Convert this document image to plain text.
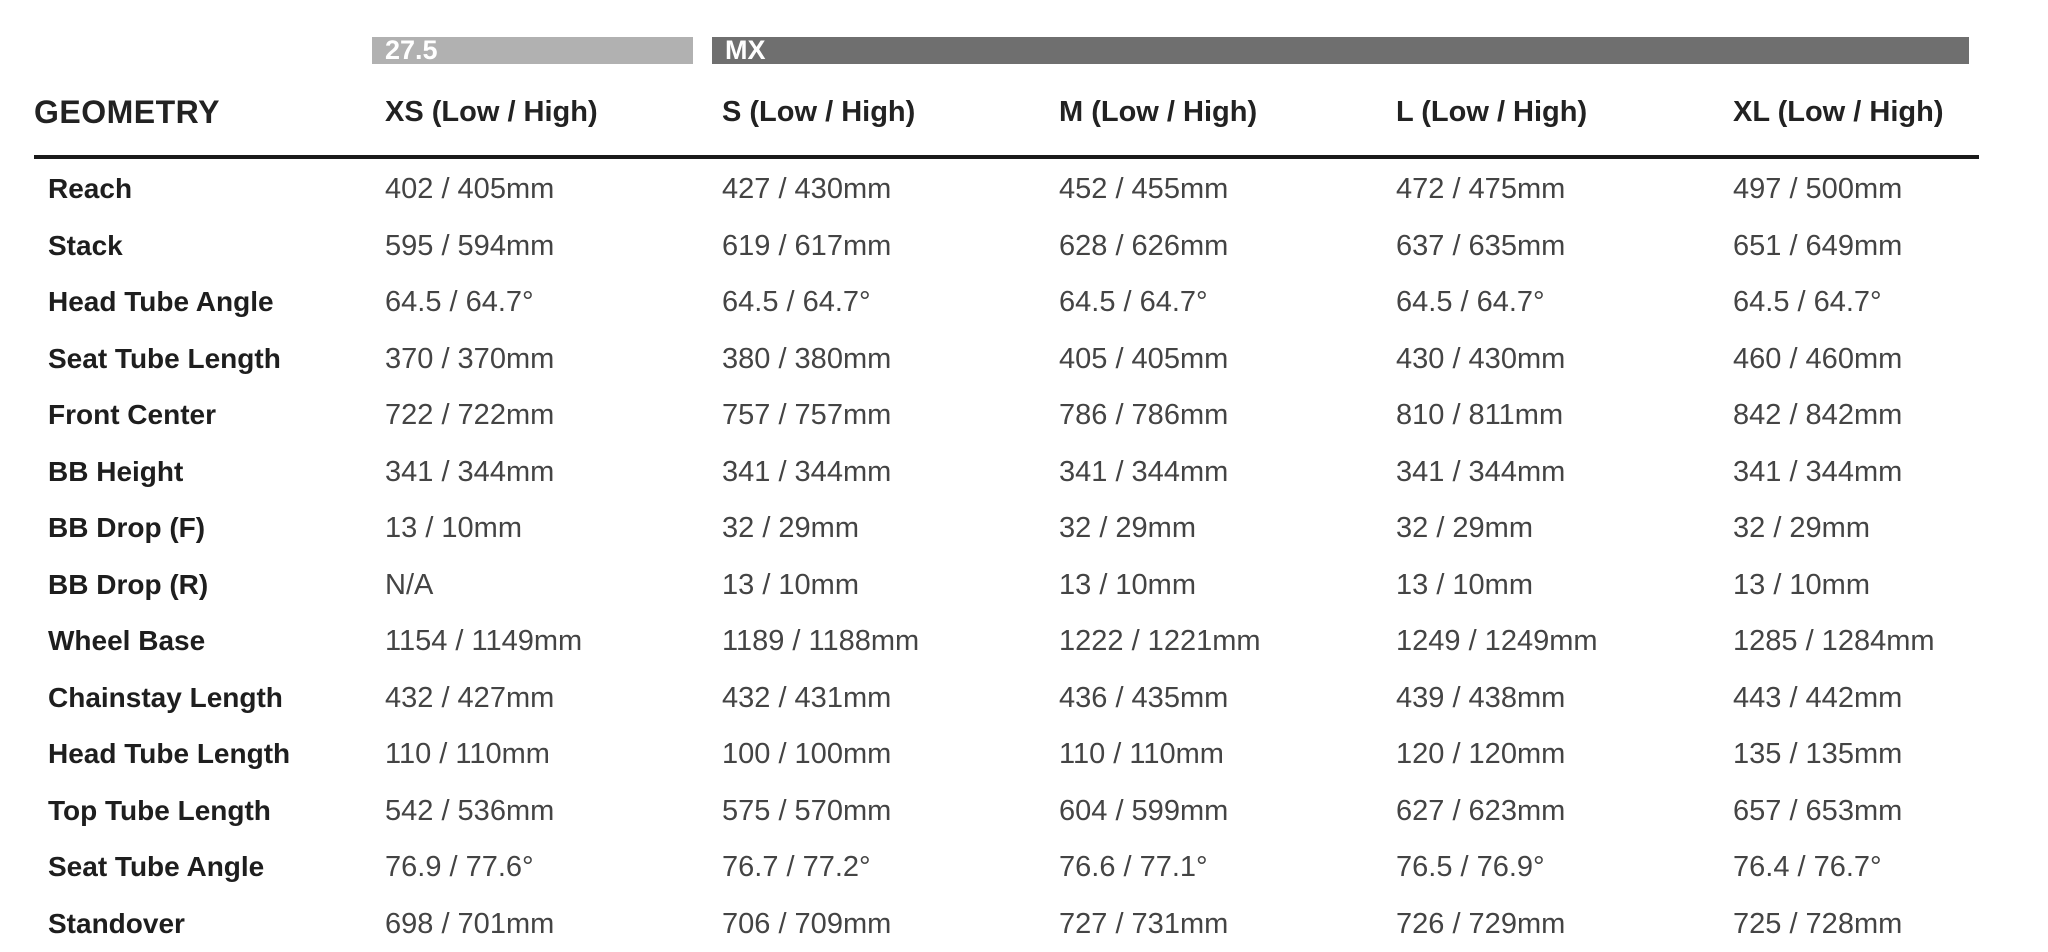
27.5	MX
GEOMETRY	XS (Low / High)	S (Low / High)	M (Low / High)	L (Low / High)	XL (Low / High)
Reach	402 / 405mm	427 / 430mm	452 / 455mm	472 / 475mm	497 / 500mm
Stack	595 / 594mm	619 / 617mm	628 / 626mm	637 / 635mm	651 / 649mm
Head Tube Angle	64.5 / 64.7°	64.5 / 64.7°	64.5 / 64.7°	64.5 / 64.7°	64.5 / 64.7°
Seat Tube Length	370 / 370mm	380 / 380mm	405 / 405mm	430 / 430mm	460 / 460mm
Front Center	722 / 722mm	757 / 757mm	786 / 786mm	810 / 811mm	842 / 842mm
BB Height	341 / 344mm	341 / 344mm	341 / 344mm	341 / 344mm	341 / 344mm
BB Drop (F)	13 / 10mm	32 / 29mm	32 / 29mm	32 / 29mm	32 / 29mm
BB Drop (R)	N/A	13 / 10mm	13 / 10mm	13 / 10mm	13 / 10mm
Wheel Base	1154 / 1149mm	1189 / 1188mm	1222 / 1221mm	1249 / 1249mm	1285 / 1284mm
Chainstay Length	432 / 427mm	432 / 431mm	436 / 435mm	439 / 438mm	443 / 442mm
Head Tube Length	110 / 110mm	100 / 100mm	110 / 110mm	120 / 120mm	135 / 135mm
Top Tube Length	542 / 536mm	575 / 570mm	604 / 599mm	627 / 623mm	657 / 653mm
Seat Tube Angle	76.9 / 77.6°	76.7 / 77.2°	76.6 / 77.1°	76.5 / 76.9°	76.4 / 76.7°
Standover	698 / 701mm	706 / 709mm	727 / 731mm	726 / 729mm	725 / 728mm
